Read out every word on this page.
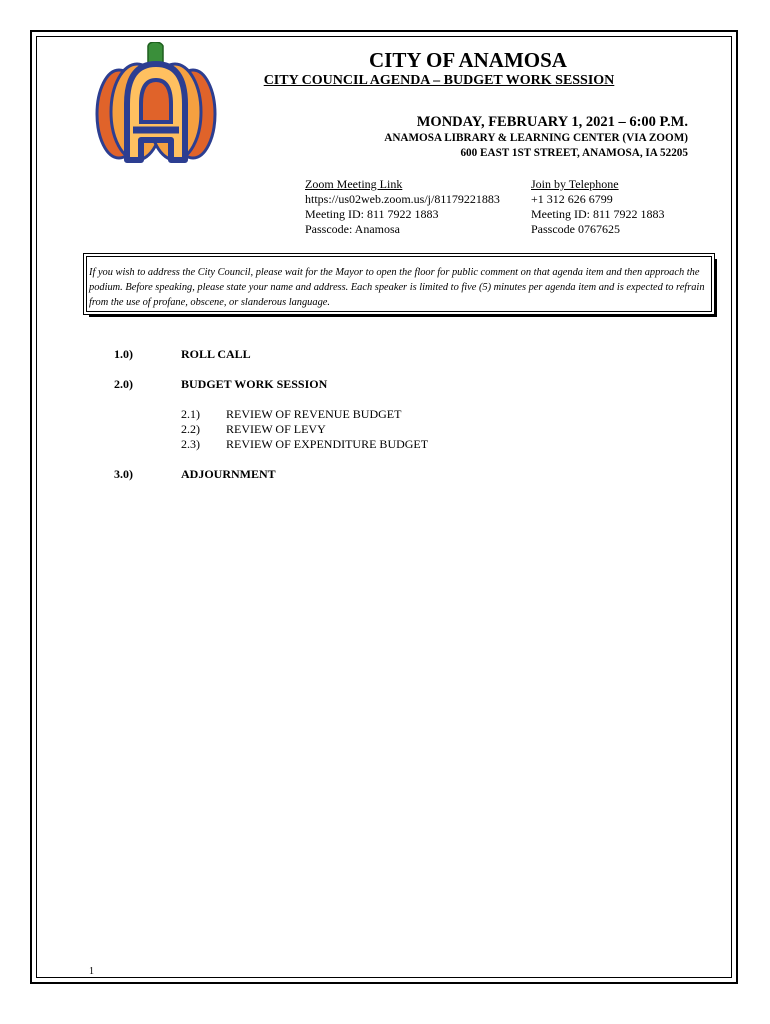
CITY OF ANAMOSA
CITY COUNCIL AGENDA – BUDGET WORK SESSION
MONDAY, FEBRUARY 1, 2021 – 6:00 P.M.
ANAMOSA LIBRARY & LEARNING CENTER (VIA ZOOM)
600 EAST 1ST STREET, ANAMOSA, IA 52205
Zoom Meeting Link
https://us02web.zoom.us/j/81179221883
Meeting ID: 811 7922 1883
Passcode: Anamosa
Join by Telephone
+1 312 626 6799
Meeting ID: 811 7922 1883
Passcode 0767625
If you wish to address the City Council, please wait for the Mayor to open the floor for public comment on that agenda item and then approach the podium. Before speaking, please state your name and address. Each speaker is limited to five (5) minutes per agenda item and is expected to refrain from the use of profane, obscene, or slanderous language.
1.0)	ROLL CALL
2.0)	BUDGET WORK SESSION
2.1) REVIEW OF REVENUE BUDGET
2.2) REVIEW OF LEVY
2.3) REVIEW OF EXPENDITURE BUDGET
3.0)	ADJOURNMENT
1
